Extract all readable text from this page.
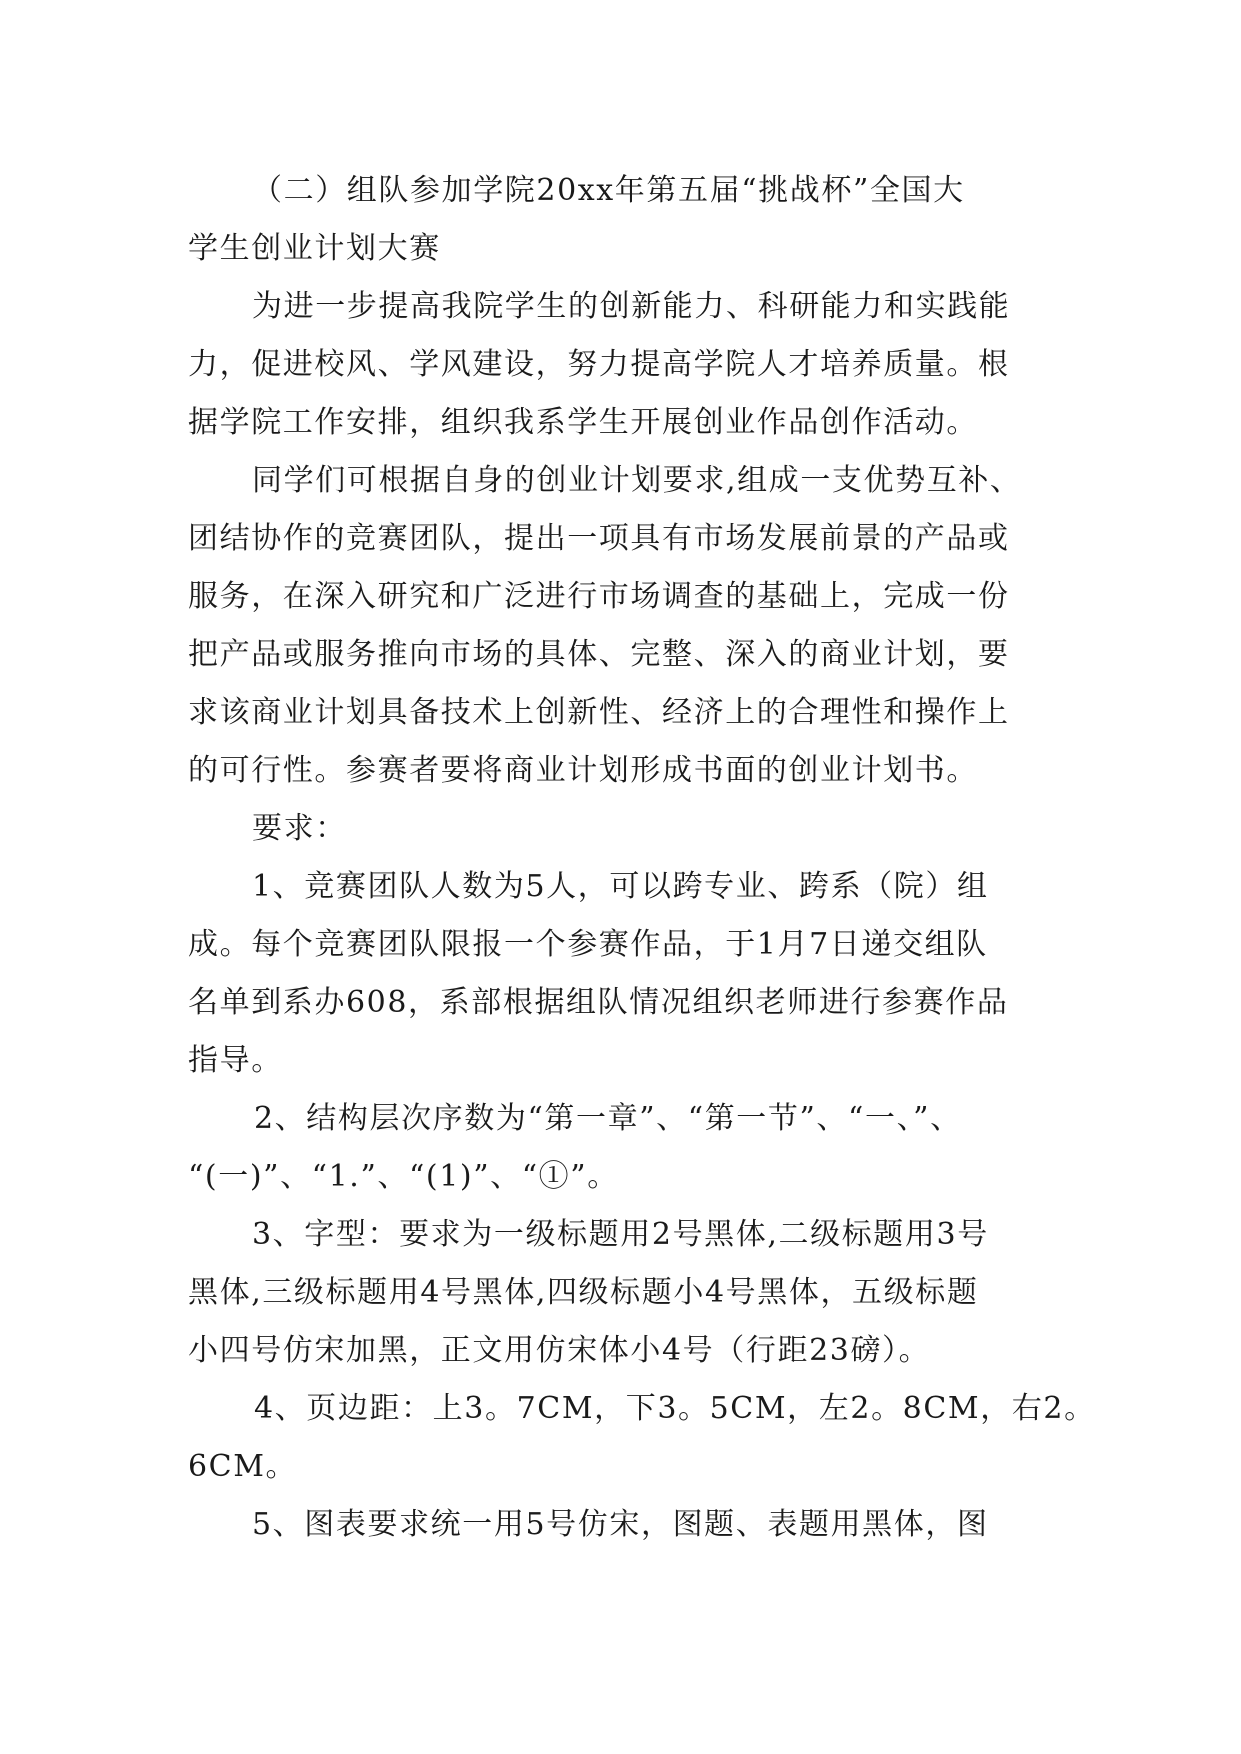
（二）组队参加学院20xx年第五届“挑战杯”全国大
学生创业计划大赛
为进一步提高我院学生的创新能力、科研能力和实践能
力，促进校风、学风建设，努力提高学院人才培养质量。根
据学院工作安排，组织我系学生开展创业作品创作活动。
同学们可根据自身的创业计划要求,组成一支优势互补、
团结协作的竞赛团队，提出一项具有市场发展前景的产品或
服务，在深入研究和广泛进行市场调查的基础上，完成一份
把产品或服务推向市场的具体、完整、深入的商业计划，要
求该商业计划具备技术上创新性、经济上的合理性和操作上
的可行性。参赛者要将商业计划形成书面的创业计划书。
要求：
1、竞赛团队人数为5人，可以跨专业、跨系（院）组
成。每个竞赛团队限报一个参赛作品，于1月7日递交组队
名单到系办608，系部根据组队情况组织老师进行参赛作品
指导。
2、结构层次序数为“第一章”、“第一节”、“一、”、
“(一)”、“1.”、“(1)”、“①”。
3、字型：要求为一级标题用2号黑体,二级标题用3号
黑体,三级标题用4号黑体,四级标题小4号黑体，五级标题
小四号仿宋加黑，正文用仿宋体小4号（行距23磅）。
4、页边距：上3。7CM，下3。5CM，左2。8CM，右2。
6CM。
5、图表要求统一用5号仿宋，图题、表题用黑体，图
